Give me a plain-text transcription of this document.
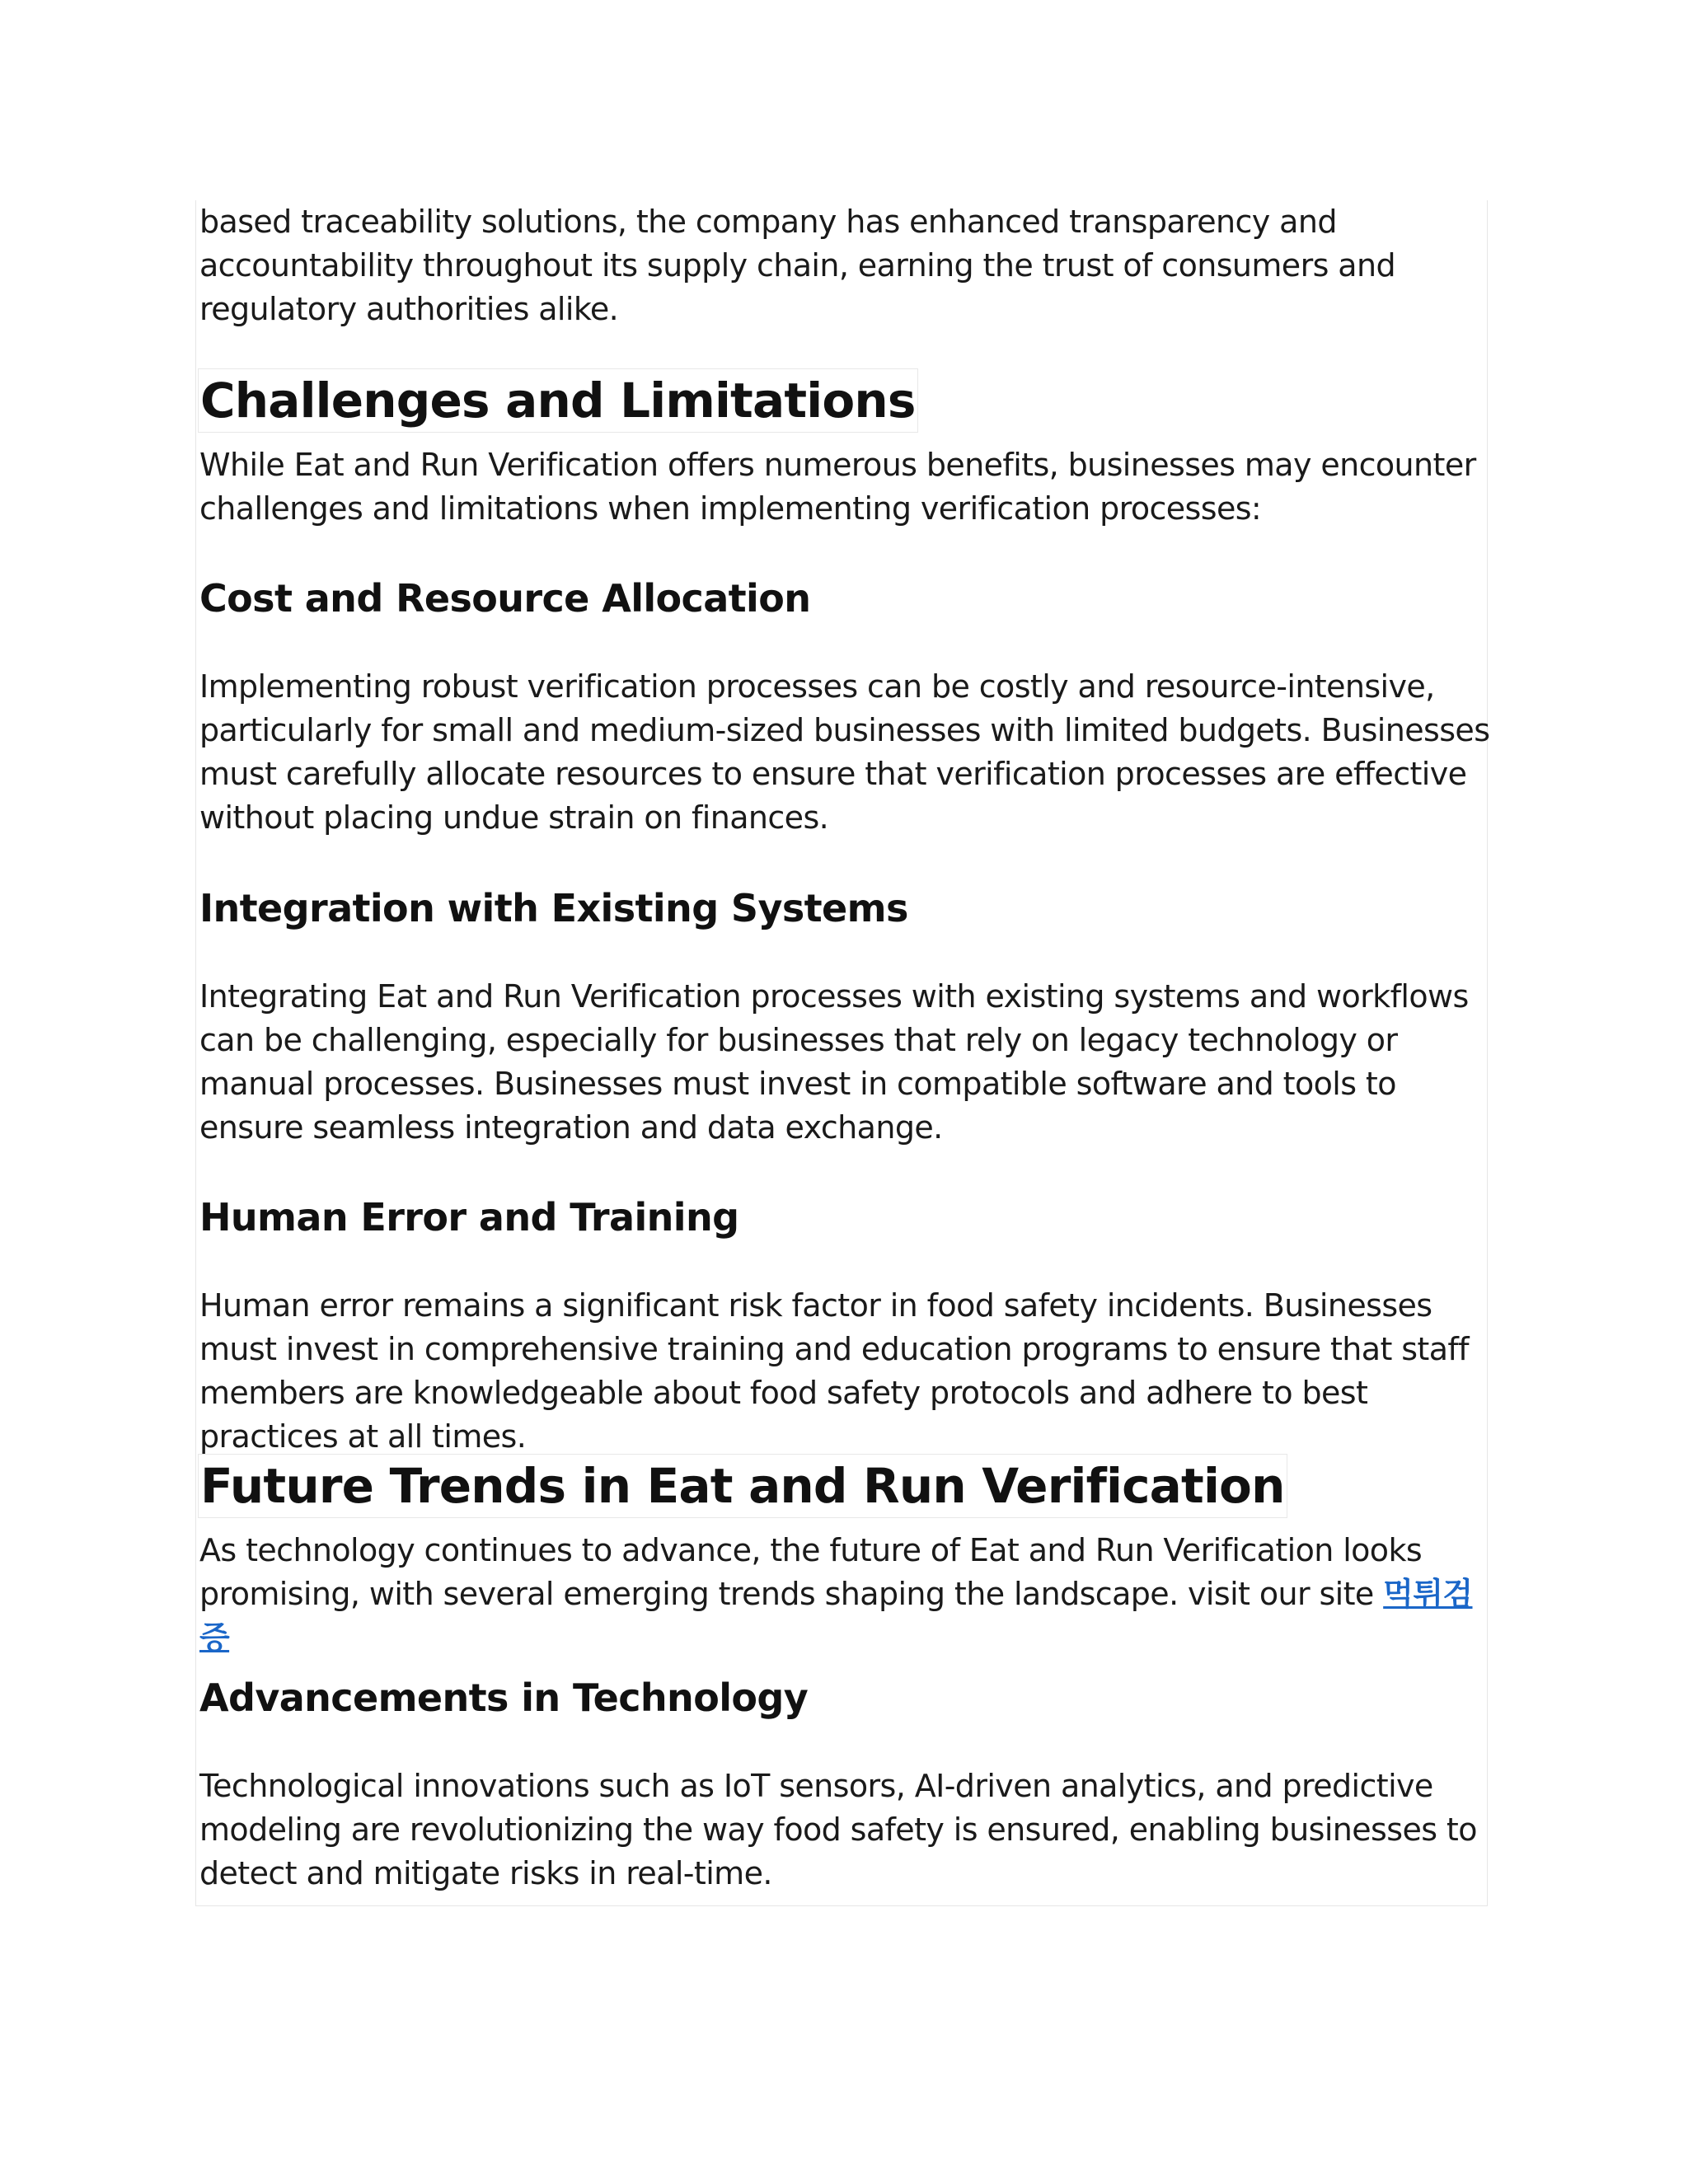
based traceability solutions, the company has enhanced transparency and accountability throughout its supply chain, earning the trust of consumers and regulatory authorities alike.

Challenges and Limitations

While Eat and Run Verification offers numerous benefits, businesses may encounter challenges and limitations when implementing verification processes:

Cost and Resource Allocation

Implementing robust verification processes can be costly and resource-intensive, particularly for small and medium-sized businesses with limited budgets. Businesses must carefully allocate resources to ensure that verification processes are effective without placing undue strain on finances.

Integration with Existing Systems

Integrating Eat and Run Verification processes with existing systems and workflows can be challenging, especially for businesses that rely on legacy technology or manual processes. Businesses must invest in compatible software and tools to ensure seamless integration and data exchange.

Human Error and Training

Human error remains a significant risk factor in food safety incidents. Businesses must invest in comprehensive training and education programs to ensure that staff members are knowledgeable about food safety protocols and adhere to best practices at all times.

Future Trends in Eat and Run Verification

As technology continues to advance, the future of Eat and Run Verification looks promising, with several emerging trends shaping the landscape. visit our site 먹튀검증

Advancements in Technology

Technological innovations such as IoT sensors, AI-driven analytics, and predictive modeling are revolutionizing the way food safety is ensured, enabling businesses to detect and mitigate risks in real-time.
